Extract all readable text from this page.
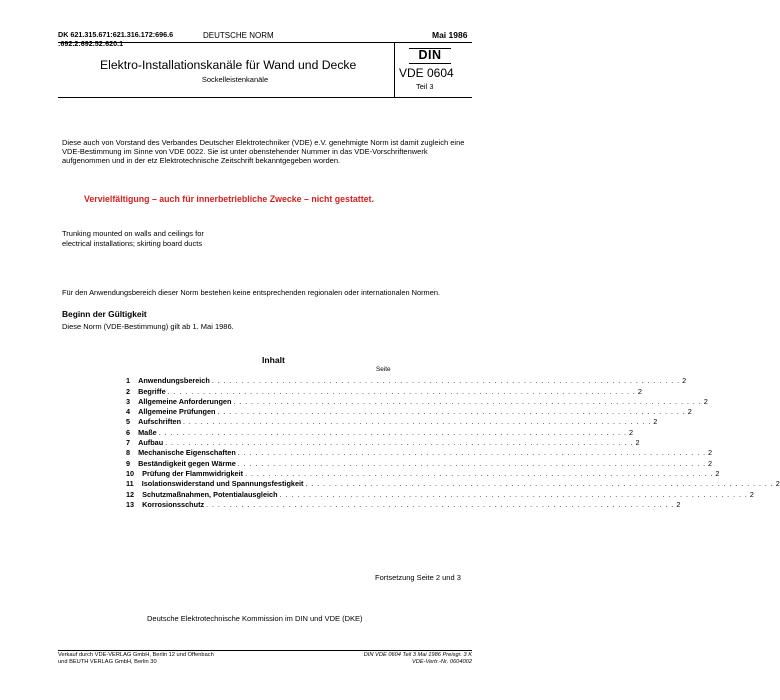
DK 621.315.671:621.316.172:696.6
:692.2:692.52:620.1
DEUTSCHE NORM	Mai 1986
Elektro-Installationskanäle für Wand und Decke
Sockelleistenkanäle
DIN
VDE 0604
Teil 3
Diese auch von Vorstand des Verbandes Deutscher Elektrotechniker (VDE) e.V. genehmigte Norm ist damit zugleich eine VDE-Bestimmung im Sinne von VDE 0022. Sie ist unter obenstehender Nummer in das VDE-Vorschriftenwerk aufgenommen und in der etz Elektrotechnische Zeitschrift bekanntgegeben worden.
Vervielfältigung – auch für innerbetriebliche Zwecke – nicht gestattet.
Trunking mounted on walls and ceilings for electrical installations; skirting board ducts
Für den Anwendungsbereich dieser Norm bestehen keine entsprechenden regionalen oder internationalen Normen.
Beginn der Gültigkeit
Diese Norm (VDE-Bestimmung) gilt ab 1. Mai 1986.
Inhalt
Seite
1 Anwendungsbereich . . . . . . . . . . . . . . . . . . . . . . . . . . . . . . . . . . . . . . . . . . . . . . . . . . . . . . . . . . . . . . . . . . . . . . . . . . . . . . . . 2
2 Begriffe . . . . . . . . . . . . . . . . . . . . . . . . . . . . . . . . . . . . . . . . . . . . . . . . . . . . . . . . . . . . . . . . . . . . . . . . . . . . . . . . 2
3 Allgemeine Anforderungen . . . . . . . . . . . . . . . . . . . . . . . . . . . . . . . . . . . . . . . . . . . . . . . . . . . . . . . . . . . . . . . . . . . . . . . . . . . . . . . . 2
4 Allgemeine Prüfungen . . . . . . . . . . . . . . . . . . . . . . . . . . . . . . . . . . . . . . . . . . . . . . . . . . . . . . . . . . . . . . . . . . . . . . . . . . . . . . . . 2
5 Aufschriften . . . . . . . . . . . . . . . . . . . . . . . . . . . . . . . . . . . . . . . . . . . . . . . . . . . . . . . . . . . . . . . . . . . . . . . . . . . . . . . . 2
6 Maße . . . . . . . . . . . . . . . . . . . . . . . . . . . . . . . . . . . . . . . . . . . . . . . . . . . . . . . . . . . . . . . . . . . . . . . . . . . . . . . . 2
7 Aufbau . . . . . . . . . . . . . . . . . . . . . . . . . . . . . . . . . . . . . . . . . . . . . . . . . . . . . . . . . . . . . . . . . . . . . . . . . . . . . . . . 2
8 Mechanische Eigenschaften . . . . . . . . . . . . . . . . . . . . . . . . . . . . . . . . . . . . . . . . . . . . . . . . . . . . . . . . . . . . . . . . . . . . . . . . . . . . . . . . 2
9 Beständigkeit gegen Wärme . . . . . . . . . . . . . . . . . . . . . . . . . . . . . . . . . . . . . . . . . . . . . . . . . . . . . . . . . . . . . . . . . . . . . . . . . . . . . . . . 2
10 Prüfung der Flammwidrigkeit . . . . . . . . . . . . . . . . . . . . . . . . . . . . . . . . . . . . . . . . . . . . . . . . . . . . . . . . . . . . . . . . . . . . . . . . . . . . . . . . 2
11 Isolationswiderstand und Spannungsfestigkeit . . . . . . . . . . . . . . . . . . . . . . . . . . . . . . . . . . . . . . . . . . . . . . . . . . . . . . . . . . . . . . . . . . . . . . . . . . . . . . . . 2
12 Schutzmaßnahmen, Potentialausgleich . . . . . . . . . . . . . . . . . . . . . . . . . . . . . . . . . . . . . . . . . . . . . . . . . . . . . . . . . . . . . . . . . . . . . . . . . . . . . . . . 2
13 Korrosionsschutz . . . . . . . . . . . . . . . . . . . . . . . . . . . . . . . . . . . . . . . . . . . . . . . . . . . . . . . . . . . . . . . . . . . . . . . . . . . . . . . . 2
Fortsetzung Seite 2 und 3
Deutsche Elektrotechnische Kommission im DIN und VDE (DKE)
Verkauf durch VDE-VERLAG GmbH, Berlin 12 und Offenbach
und BEUTH VERLAG GmbH, Berlin 30
DIN VDE 0604 Teil 3 Mai 1986 Preisgr. 3 K
VDE-Vertr.-Nr. 0604002
